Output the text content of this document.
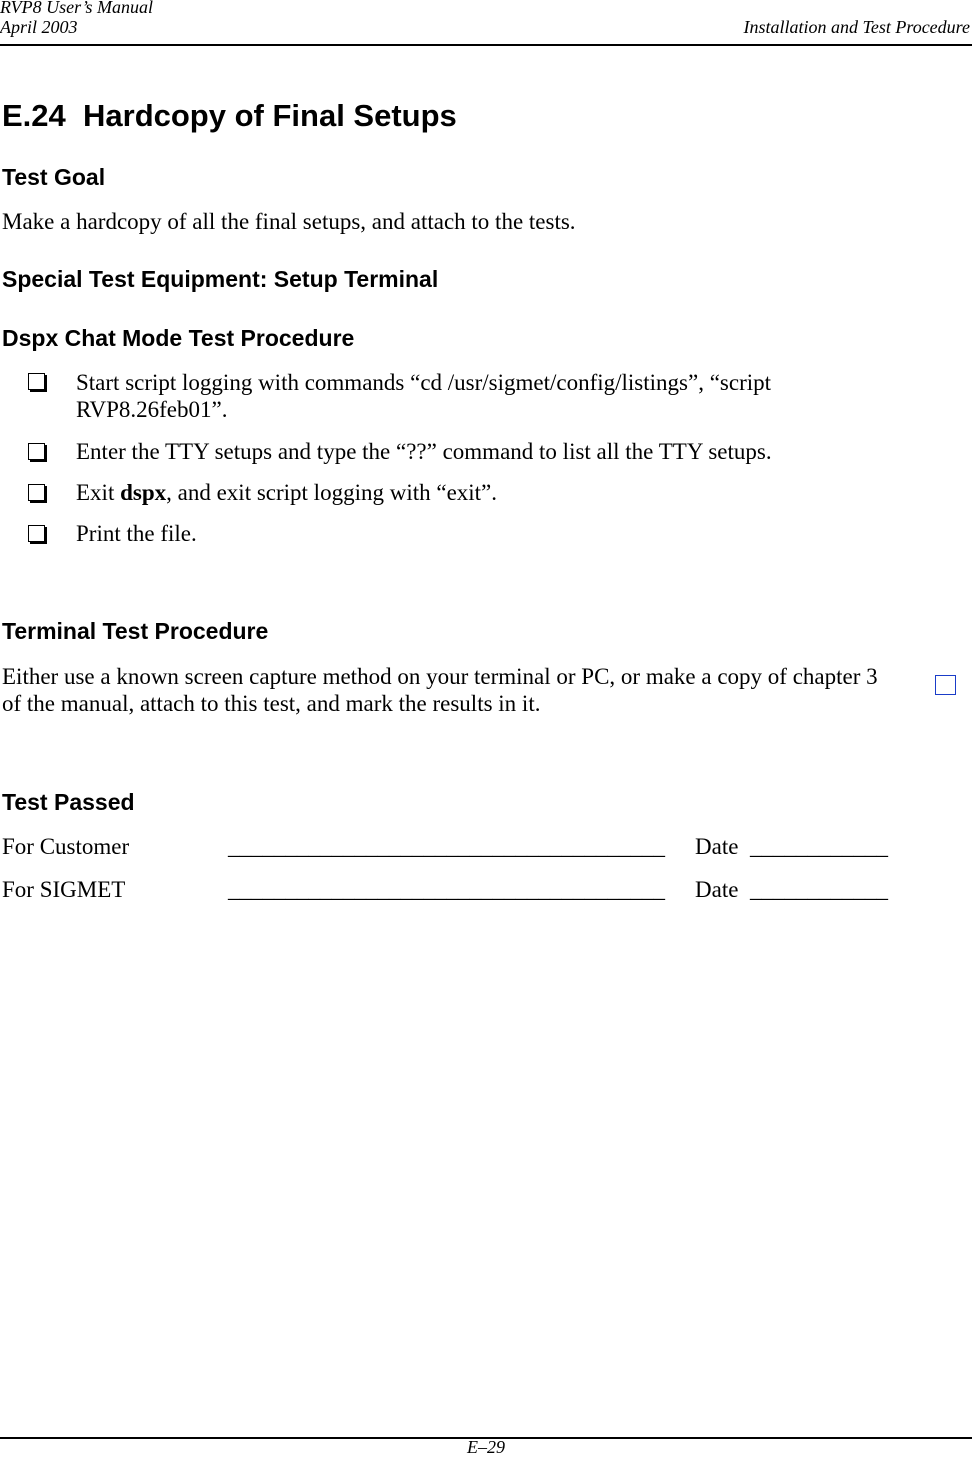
RVP8 User’s Manual
April 2003	Installation and Test Procedure
E.24  Hardcopy of Final Setups
Test Goal
Make a hardcopy of all the final setups, and attach to the tests.
Special Test Equipment: Setup Terminal
Dspx Chat Mode Test Procedure
Start script logging with commands “cd /usr/sigmet/config/listings”, “script
RVP8.26feb01”.
Enter the TTY setups and type the “??” command to list all the TTY setups.
Exit dspx, and exit script logging with “exit”.
Print the file.
Terminal Test Procedure
Either use a known screen capture method on your terminal or PC, or make a copy of chapter 3
of the manual, attach to this test, and mark the results in it.
Test Passed
For Customer	______________________________________ Date ____________
For SIGMET	______________________________________ Date ____________
E–29
